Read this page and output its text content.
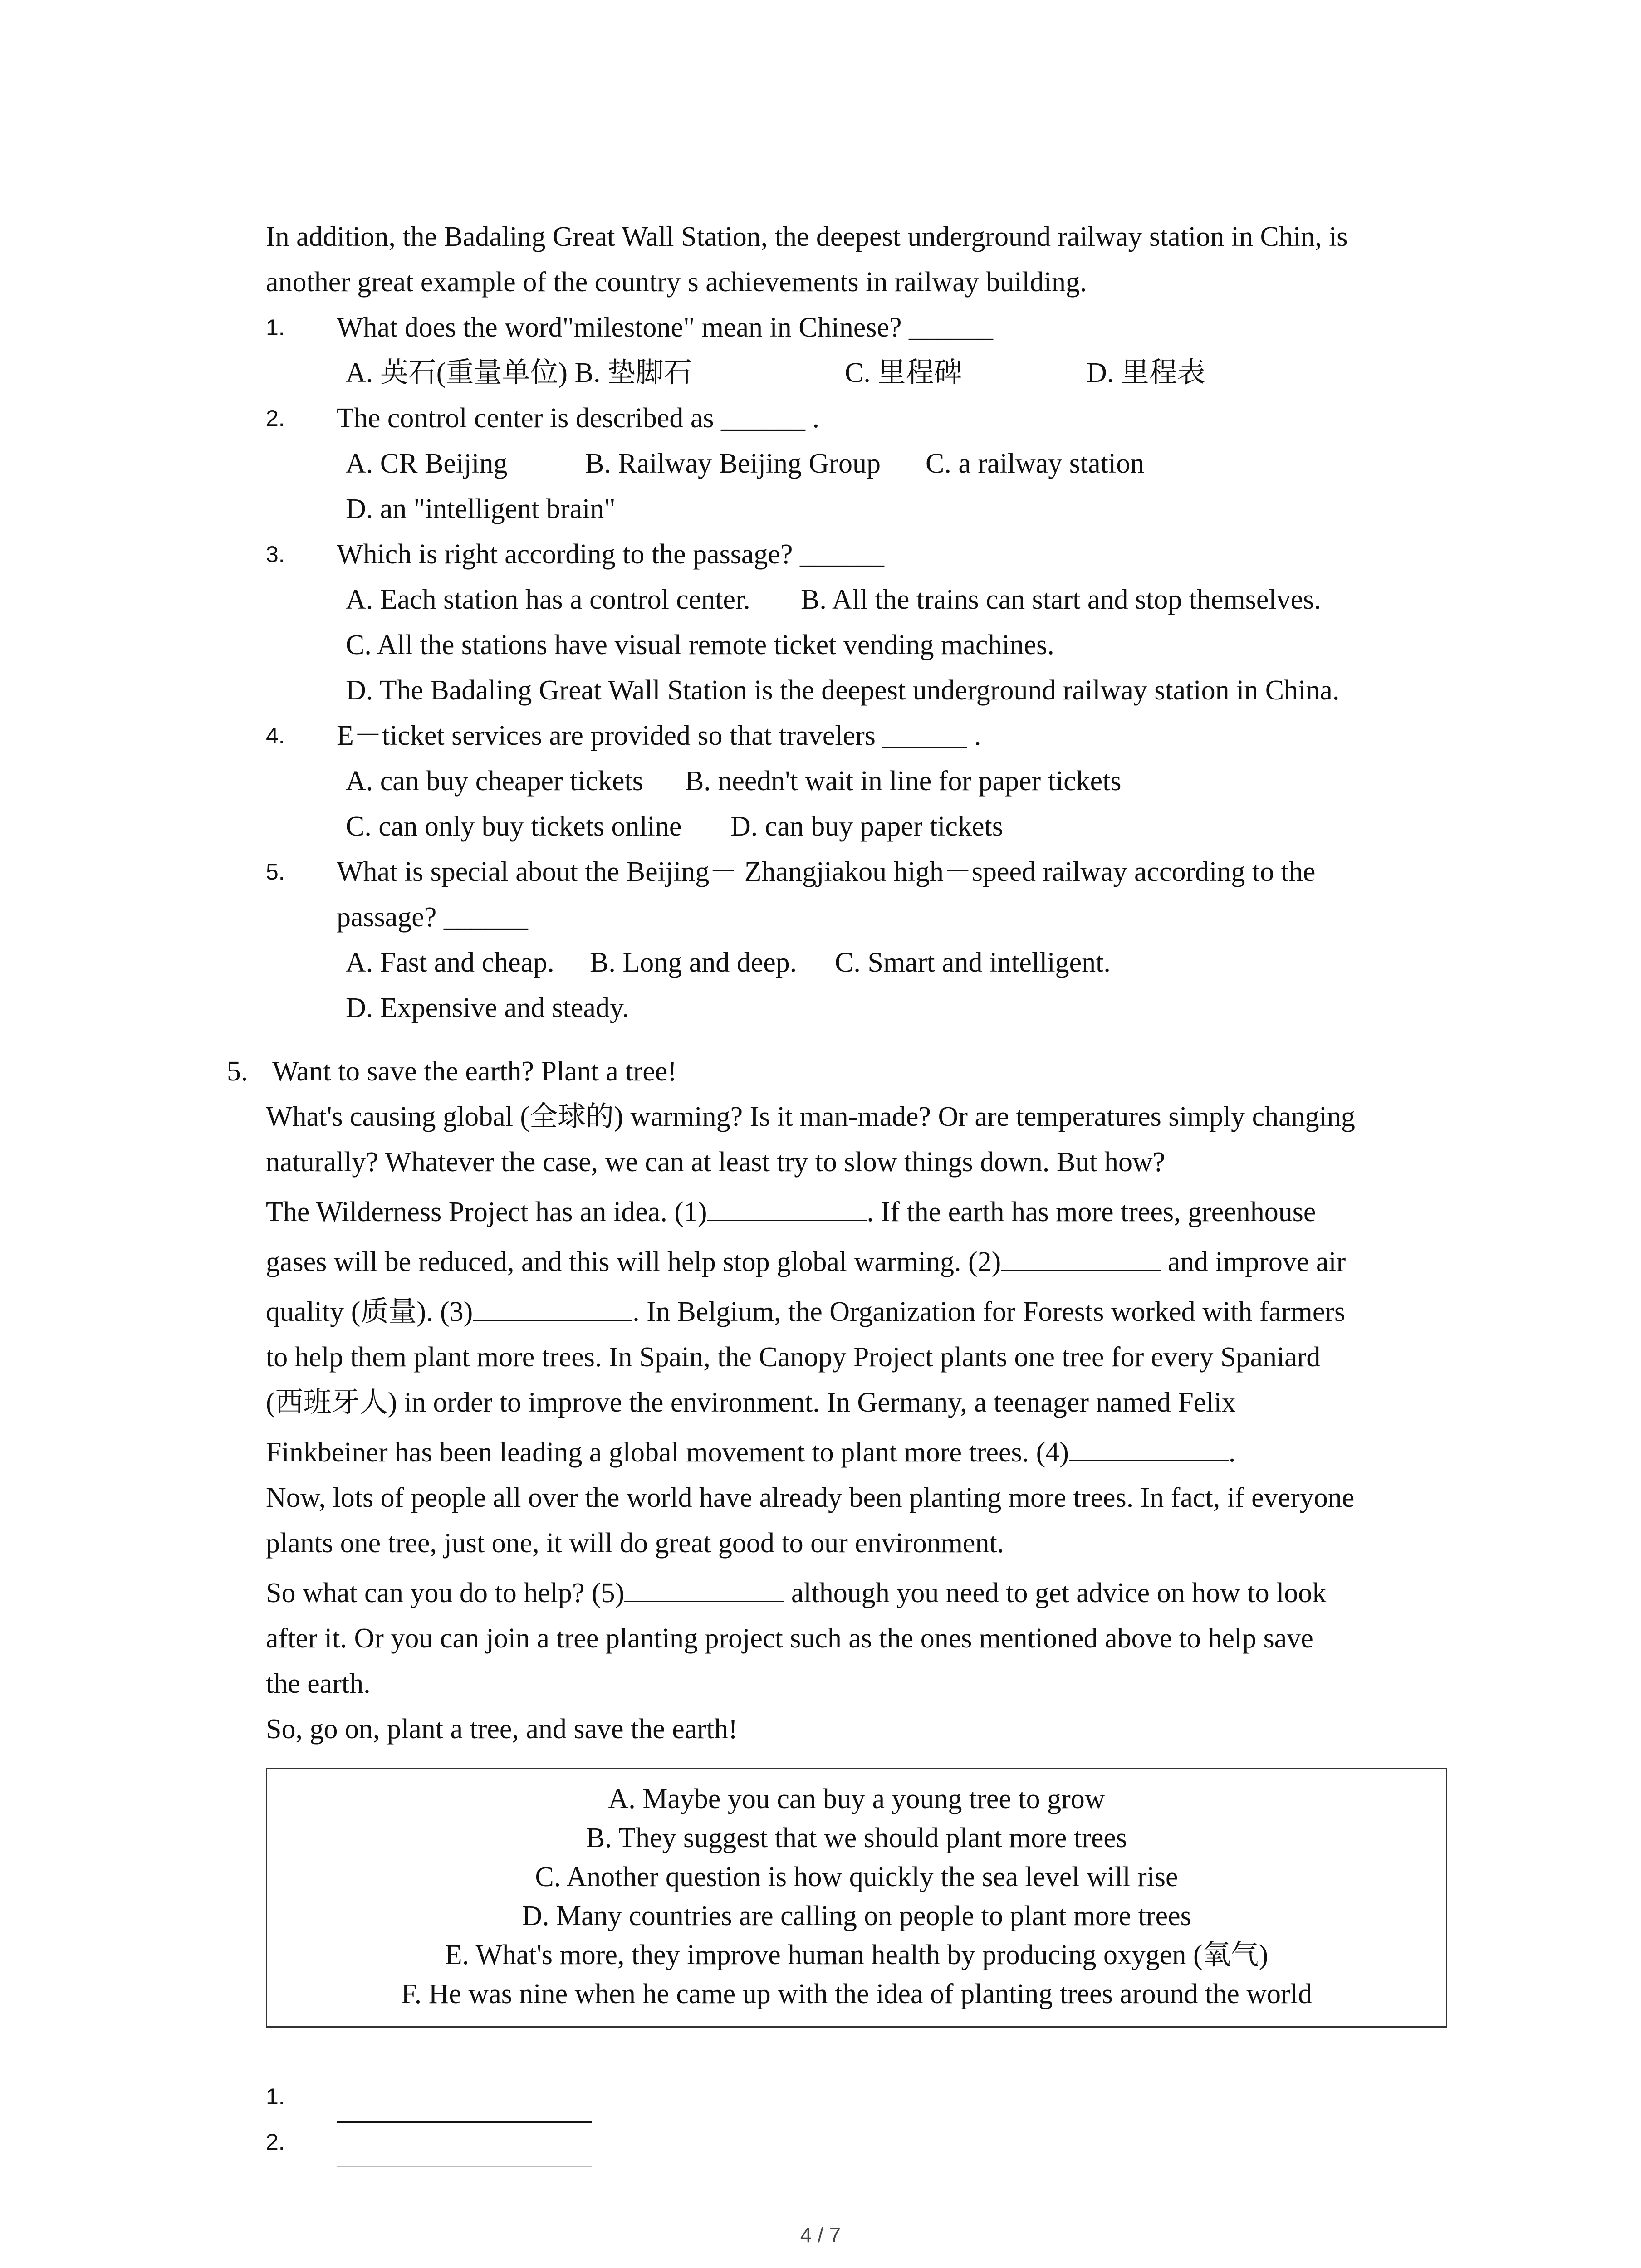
In addition, the Badaling Great Wall Station, the deepest underground railway station in Chin, is
another great example of the country s achievements in railway building.
1. What does the word"milestone" mean in Chinese? ______
A. 英石(重量单位) B. 垫脚石	C. 里程碑	D. 里程表
2. The control center is described as ______ .
A. CR Beijing	B. Railway Beijing Group C. a railway station
D. an "intelligent brain"
3. Which is right according to the passage? ______
A. Each station has a control center. B. All the trains can start and stop themselves.
C. All the stations have visual remote ticket vending machines.
D. The Badaling Great Wall Station is the deepest underground railway station in China.
4. E－ticket services are provided so that travelers ______ .
A. can buy cheaper tickets B. needn't wait in line for paper tickets
C. can only buy tickets online D. can buy paper tickets
5. What is special about the Beijing－ Zhangjiakou high－speed railway according to the
passage? ______
A. Fast and cheap. B. Long and deep. C. Smart and intelligent.
D. Expensive and steady.
5. Want to save the earth? Plant a tree!
What's causing global (全球的) warming? Is it man-made? Or are temperatures simply changing
naturally? Whatever the case, we can at least try to slow things down. But how?
The Wilderness Project has an idea. (1)	. If the earth has more trees, greenhouse
gases will be reduced, and this will help stop global warming. (2)	and improve air
quality (质量). (3)	. In Belgium, the Organization for Forests worked with farmers
to help them plant more trees. In Spain, the Canopy Project plants one tree for every Spaniard
(西班牙人) in order to improve the environment. In Germany, a teenager named Felix
Finkbeiner has been leading a global movement to plant more trees. (4)	.
Now, lots of people all over the world have already been planting more trees. In fact, if everyone
plants one tree, just one, it will do great good to our environment.
So what can you do to help? (5)	although you need to get advice on how to look
after it. Or you can join a tree planting project such as the ones mentioned above to help save
the earth.
So, go on, plant a tree, and save the earth!
A. Maybe you can buy a young tree to grow
B. They suggest that we should plant more trees
C. Another question is how quickly the sea level will rise
D. Many countries are calling on people to plant more trees
E. What's more, they improve human health by producing oxygen (氧气)
F. He was nine when he came up with the idea of planting trees around the world
1.
2.
4 / 7
